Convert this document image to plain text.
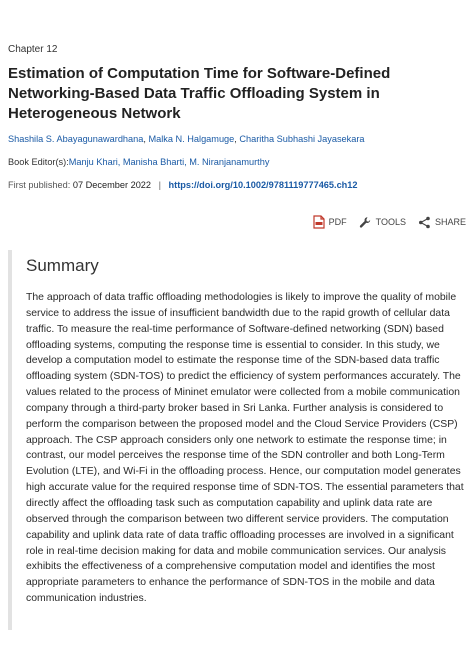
Chapter 12
Estimation of Computation Time for Software-Defined Networking-Based Data Traffic Offloading System in Heterogeneous Network
Shashila S. Abayagunawardhana, Malka N. Halgamuge, Charitha Subhashi Jayasekara
Book Editor(s):Manju Khari, Manisha Bharti, M. Niranjanamurthy
First published: 07 December 2022 | https://doi.org/10.1002/9781119777465.ch12
PDF	TOOLS	SHARE
Summary

The approach of data traffic offloading methodologies is likely to improve the quality of mobile service to address the issue of insufficient bandwidth due to the rapid growth of cellular data traffic. To measure the real-time performance of Software-defined networking (SDN) based offloading systems, computing the response time is essential to consider. In this study, we develop a computation model to estimate the response time of the SDN-based data traffic offloading system (SDN-TOS) to predict the efficiency of system performances accurately. The values related to the process of Mininet emulator were collected from a mobile communication company through a third-party broker based in Sri Lanka. Further analysis is considered to perform the comparison between the proposed model and the Cloud Service Providers (CSP) approach. The CSP approach considers only one network to estimate the response time; in contrast, our model perceives the response time of the SDN controller and both Long-Term Evolution (LTE), and Wi-Fi in the offloading process. Hence, our computation model generates high accurate value for the required response time of SDN-TOS. The essential parameters that directly affect the offloading task such as computation capability and uplink data rate are observed through the comparison between two different service providers. The computation capability and uplink data rate of data traffic offloading processes are involved in a significant role in real-time decision making for data and mobile communication services. Our analysis exhibits the effectiveness of a comprehensive computation model and identifies the most appropriate parameters to enhance the performance of SDN-TOS in the mobile and data communication industries.
